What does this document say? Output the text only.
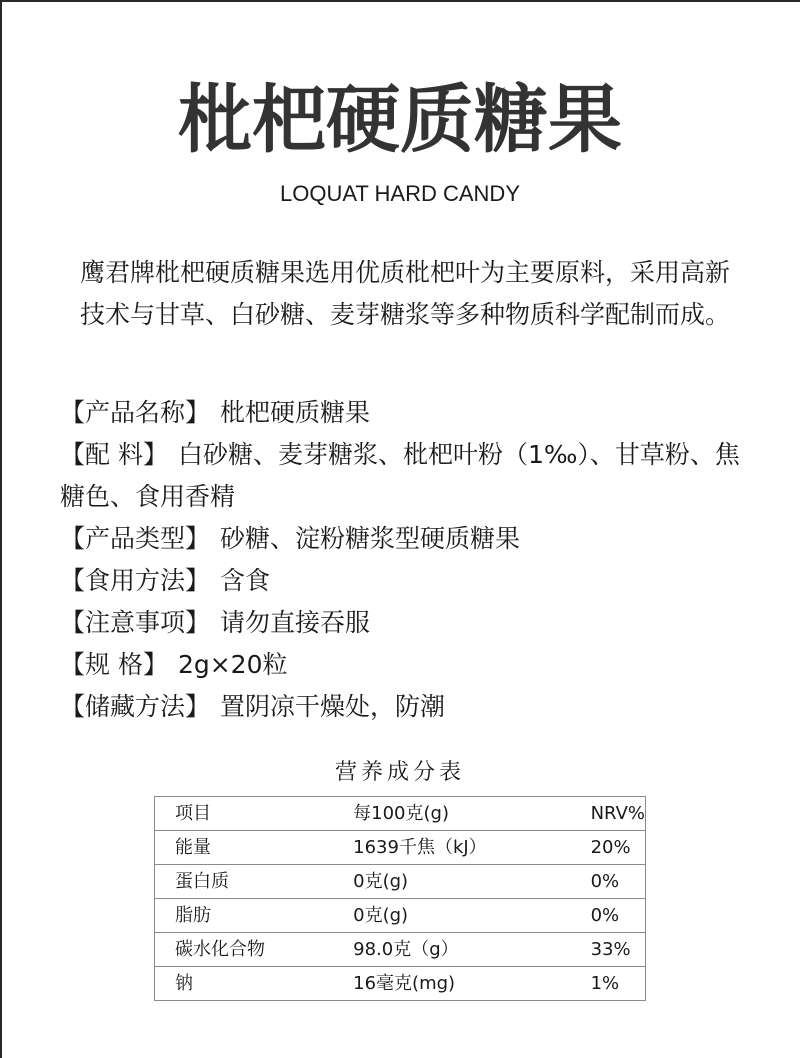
枇杷硬质糖果
LOQUAT HARD CANDY
鹰君牌枇杷硬质糖果选用优质枇杷叶为主要原料，采用高新技术与甘草、白砂糖、麦芽糖浆等多种物质科学配制而成。

【产品名称】 枇杷硬质糖果

【配 料】 白砂糖、麦芽糖浆、枇杷叶粉（1‰）、甘草粉、焦糖色、食用香精

【产品类型】 砂糖、淀粉糖浆型硬质糖果

【食用方法】 含食

【注意事项】 请勿直接吞服

【规 格】 2g×20粒

【储藏方法】 置阴凉干燥处，防潮

营养成分表
项目	每100克(g)	NRV%
能量	1639千焦（kJ）	20%
蛋白质	0克(g)	0%
脂肪	0克(g)	0%
碳水化合物	98.0克（g）	33%
钠	16毫克(mg)	1%
